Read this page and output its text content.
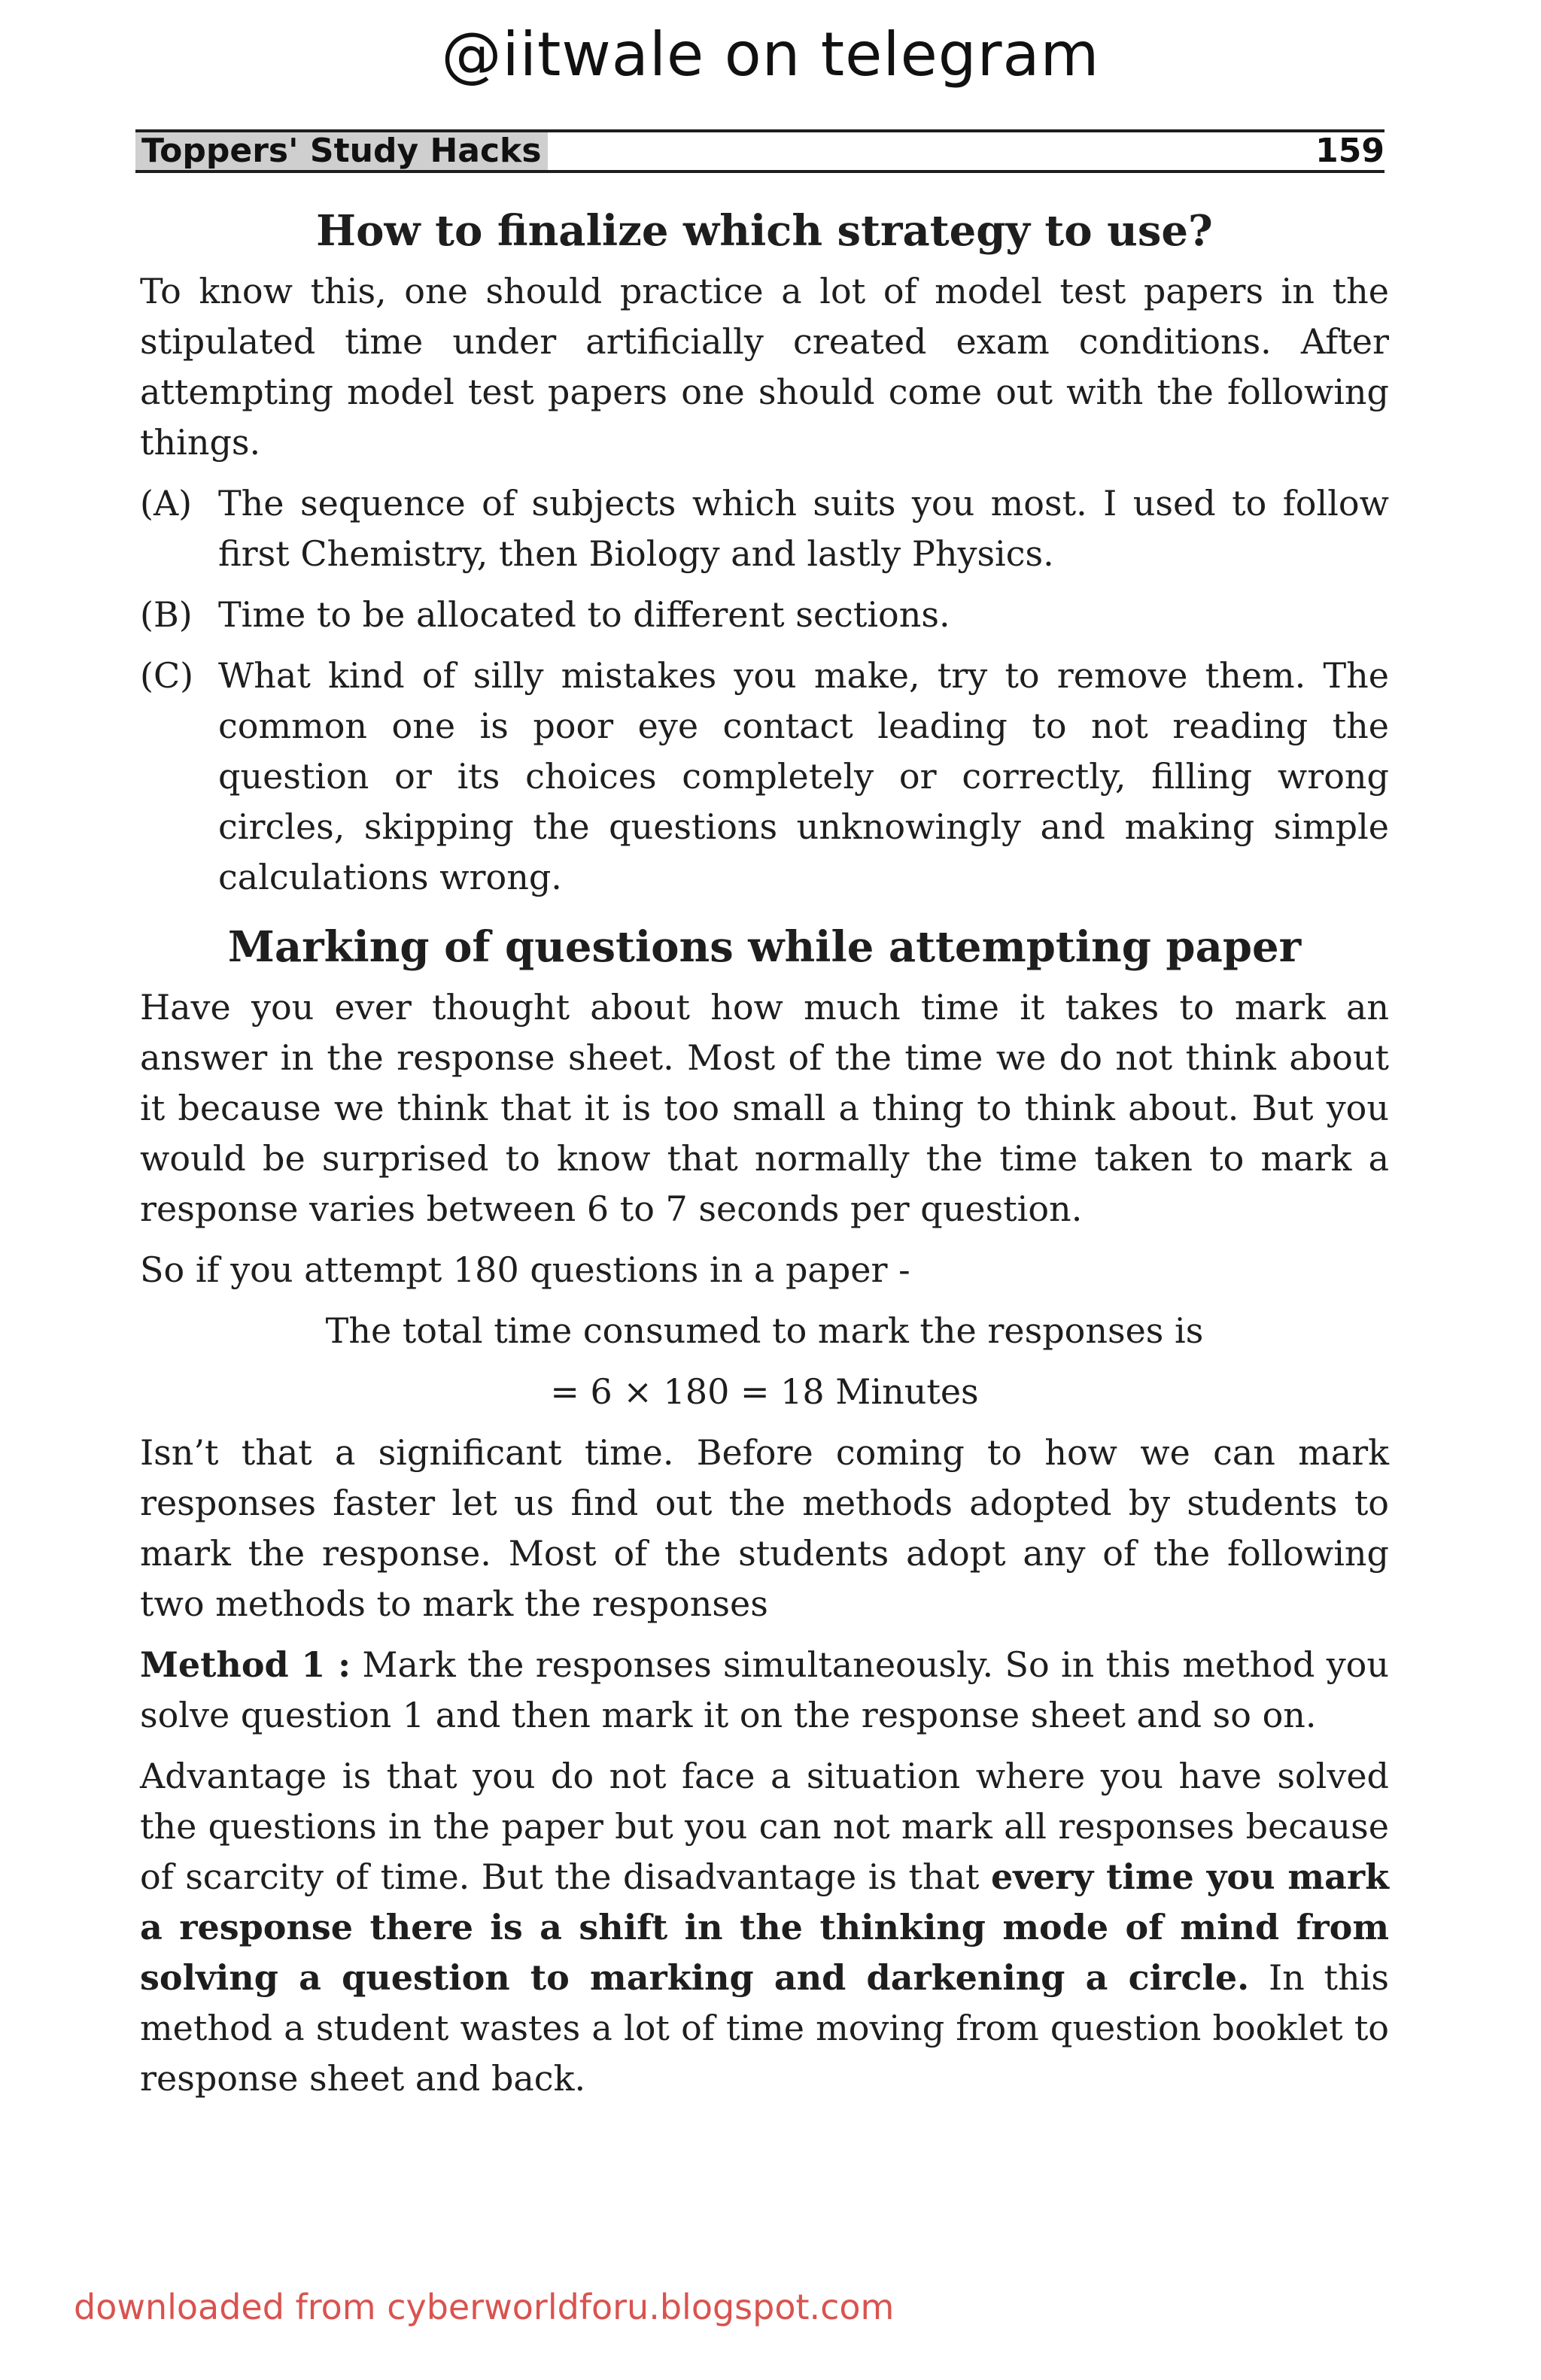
@iitwale on telegram
Toppers' Study Hacks	159
How to finalize which strategy to use?

To know this, one should practice a lot of model test papers in the stipulated time under artificially created exam conditions. After attempting model test papers one should come out with the following things.

(A) The sequence of subjects which suits you most. I used to follow first Chemistry, then Biology and lastly Physics.
(B) Time to be allocated to different sections.
(C) What kind of silly mistakes you make, try to remove them. The common one is poor eye contact leading to not reading the question or its choices completely or correctly, filling wrong circles, skipping the questions unknowingly and making simple calculations wrong.
Marking of questions while attempting paper

Have you ever thought about how much time it takes to mark an answer in the response sheet. Most of the time we do not think about it because we think that it is too small a thing to think about. But you would be surprised to know that normally the time taken to mark a response varies between 6 to 7 seconds per question.

So if you attempt 180 questions in a paper -

The total time consumed to mark the responses is

= 6 × 180 = 18 Minutes

Isn’t that a significant time. Before coming to how we can mark responses faster let us find out the methods adopted by students to mark the response. Most of the students adopt any of the following two methods to mark the responses

Method 1 : Mark the responses simultaneously. So in this method you solve question 1 and then mark it on the response sheet and so on.

Advantage is that you do not face a situation where you have solved the questions in the paper but you can not mark all responses because of scarcity of time. But the disadvantage is that every time you mark a response there is a shift in the thinking mode of mind from solving a question to marking and darkening a circle. In this method a student wastes a lot of time moving from question booklet to response sheet and back.

downloaded from cyberworldforu.blogspot.com
